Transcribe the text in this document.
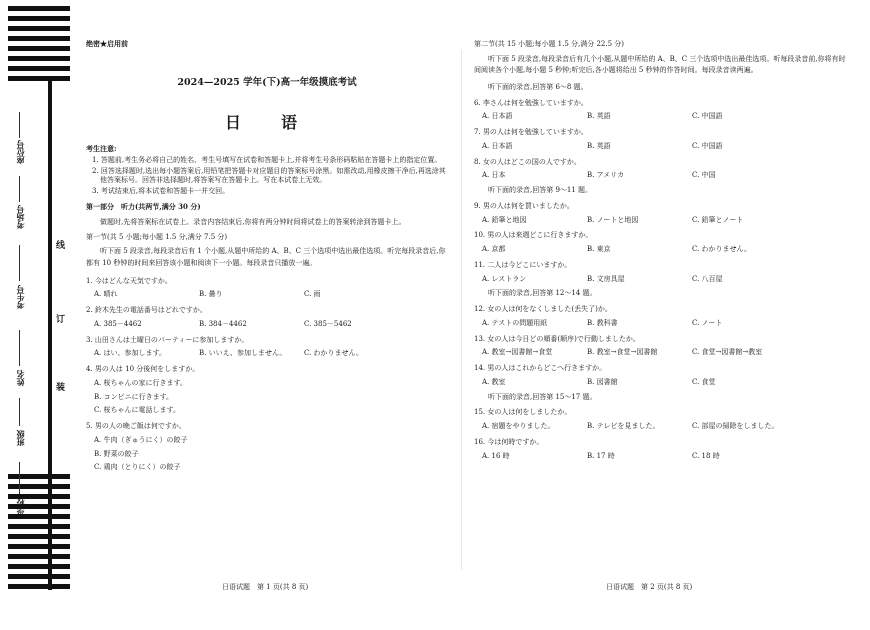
座位号
考场号
考生号
姓名
班级
学校
线
订
装
绝密★启用前
2024—2025 学年(下)高一年级摸底考试
日　语
考生注意:

1. 答题前,考生务必将自己的姓名、考生号填写在试卷和答题卡上,并将考生号条形码粘贴在答题卡上的指定位置。

2. 回答选择题时,选出每小题答案后,用铅笔把答题卡对应题目的答案标号涂黑。如需改动,用橡皮擦干净后,再选涂其他答案标号。回答非选择题时,将答案写在答题卡上。写在本试卷上无效。

3. 考试结束后,将本试卷和答题卡一并交回。

第一部分　听力(共两节,满分 30 分)

做题时,先将答案标在试卷上。录音内容结束后,你将有两分钟时间将试卷上的答案转涂到答题卡上。

第一节(共 5 小题;每小题 1.5 分,满分 7.5 分)

听下面 5 段录音,每段录音后有 1 个小题,从题中所给的 A、B、C 三个选项中选出最佳选项。听完每段录音后,你都有 10 秒钟的时间来回答该小题和阅读下一小题。每段录音只播放一遍。

1. 今はどんな天気ですか。
A. 晴れ	B. 曇り	C. 雨
2. 鈴木先生の電話番号はどれですか。
A. 385－4462	B. 384－4462	C. 385－5462
3. 山田さんは土曜日のパーティーに参加しますか。
A. はい、参加します。	B. いいえ、参加しません。	C. わかりません。
4. 男の人は 10 分後何をしますか。
A. 桜ちゃんの家に行きます。
B. コンビニに行きます。
C. 桜ちゃんに電話します。
5. 男の人の晩ご飯は何ですか。
A. 牛肉（ぎゅうにく）の餃子
B. 野菜の餃子
C. 鶏肉（とりにく）の餃子

第二节(共 15 小题;每小题 1.5 分,满分 22.5 分)

听下面 5 段录音,每段录音后有几个小题,从题中所给的 A、B、C 三个选项中选出最佳选项。听每段录音前,你将有时间阅读各个小题,每小题 5 秒钟;听完后,各小题将给出 5 秒钟的作答时间。每段录音读两遍。

听下面的录音,回答第 6～8 题。
6. 李さんは何を勉強していますか。
A. 日本語	B. 英語	C. 中国語
7. 男の人は何を勉強していますか。
A. 日本語	B. 英語	C. 中国語
8. 女の人はどこの国の人ですか。
A. 日本	B. アメリカ	C. 中国
听下面的录音,回答第 9～11 题。
9. 男の人は何を買いましたか。
A. 鉛筆と地図	B. ノートと地図	C. 鉛筆とノート
10. 男の人は来週どこに行きますか。
A. 京都	B. 東京	C. わかりません。
11. 二人は今どこにいますか。
A. レストラン	B. 文房具屋	C. 八百屋
听下面的录音,回答第 12～14 题。
12. 女の人は何をなくしました(丢失了)か。
A. テストの問題用紙	B. 教科書	C. ノート
13. 女の人は今日どの順番(顺序)で行動しましたか。
A. 教室→図書館→食堂	B. 教室→食堂→図書館	C. 食堂→図書館→教室
14. 男の人はこれからどこへ行きますか。
A. 教室	B. 図書館	C. 食堂
听下面的录音,回答第 15～17 题。
15. 女の人は何をしましたか。
A. 宿題をやりました。	B. テレビを見ました。	C. 部屋の掃除をしました。
16. 今は何時ですか。
A. 16 時	B. 17 時	C. 18 時
日语试题　第 1 页(共 8 页)	日语试题　第 2 页(共 8 页)
